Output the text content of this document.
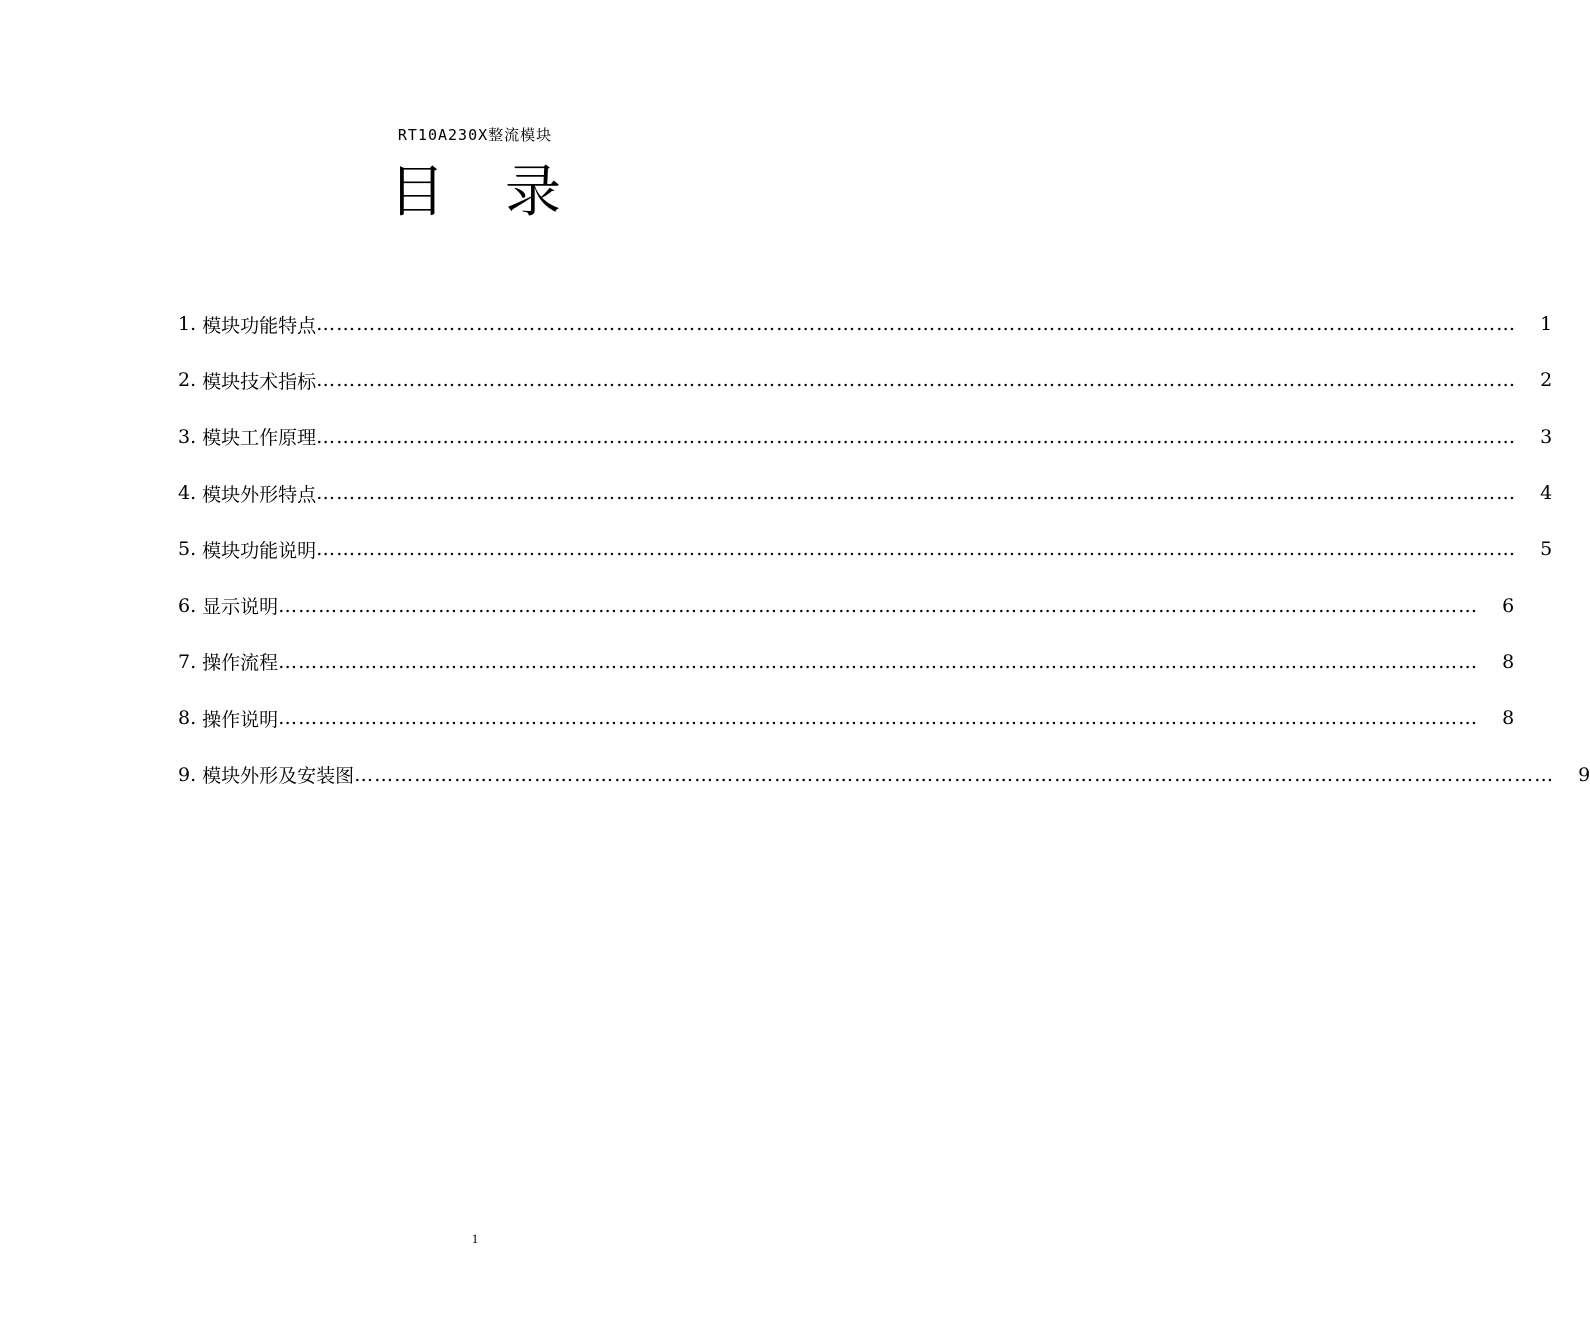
RT10A230X整流模块
目 录
1. 模块功能特点 ………………………………………………………………………………………………………………………………………………………………	1
2. 模块技术指标 ………………………………………………………………………………………………………………………………………………………………	2
3. 模块工作原理 ………………………………………………………………………………………………………………………………………………………………	3
4. 模块外形特点 ………………………………………………………………………………………………………………………………………………………………	4
5. 模块功能说明 ………………………………………………………………………………………………………………………………………………………………	5
6. 显示说明 ………………………………………………………………………………………………………………………………………………………………	6
7. 操作流程 ………………………………………………………………………………………………………………………………………………………………	8
8. 操作说明 ………………………………………………………………………………………………………………………………………………………………	8
9. 模块外形及安装图 ………………………………………………………………………………………………………………………………………………………………	9
1
